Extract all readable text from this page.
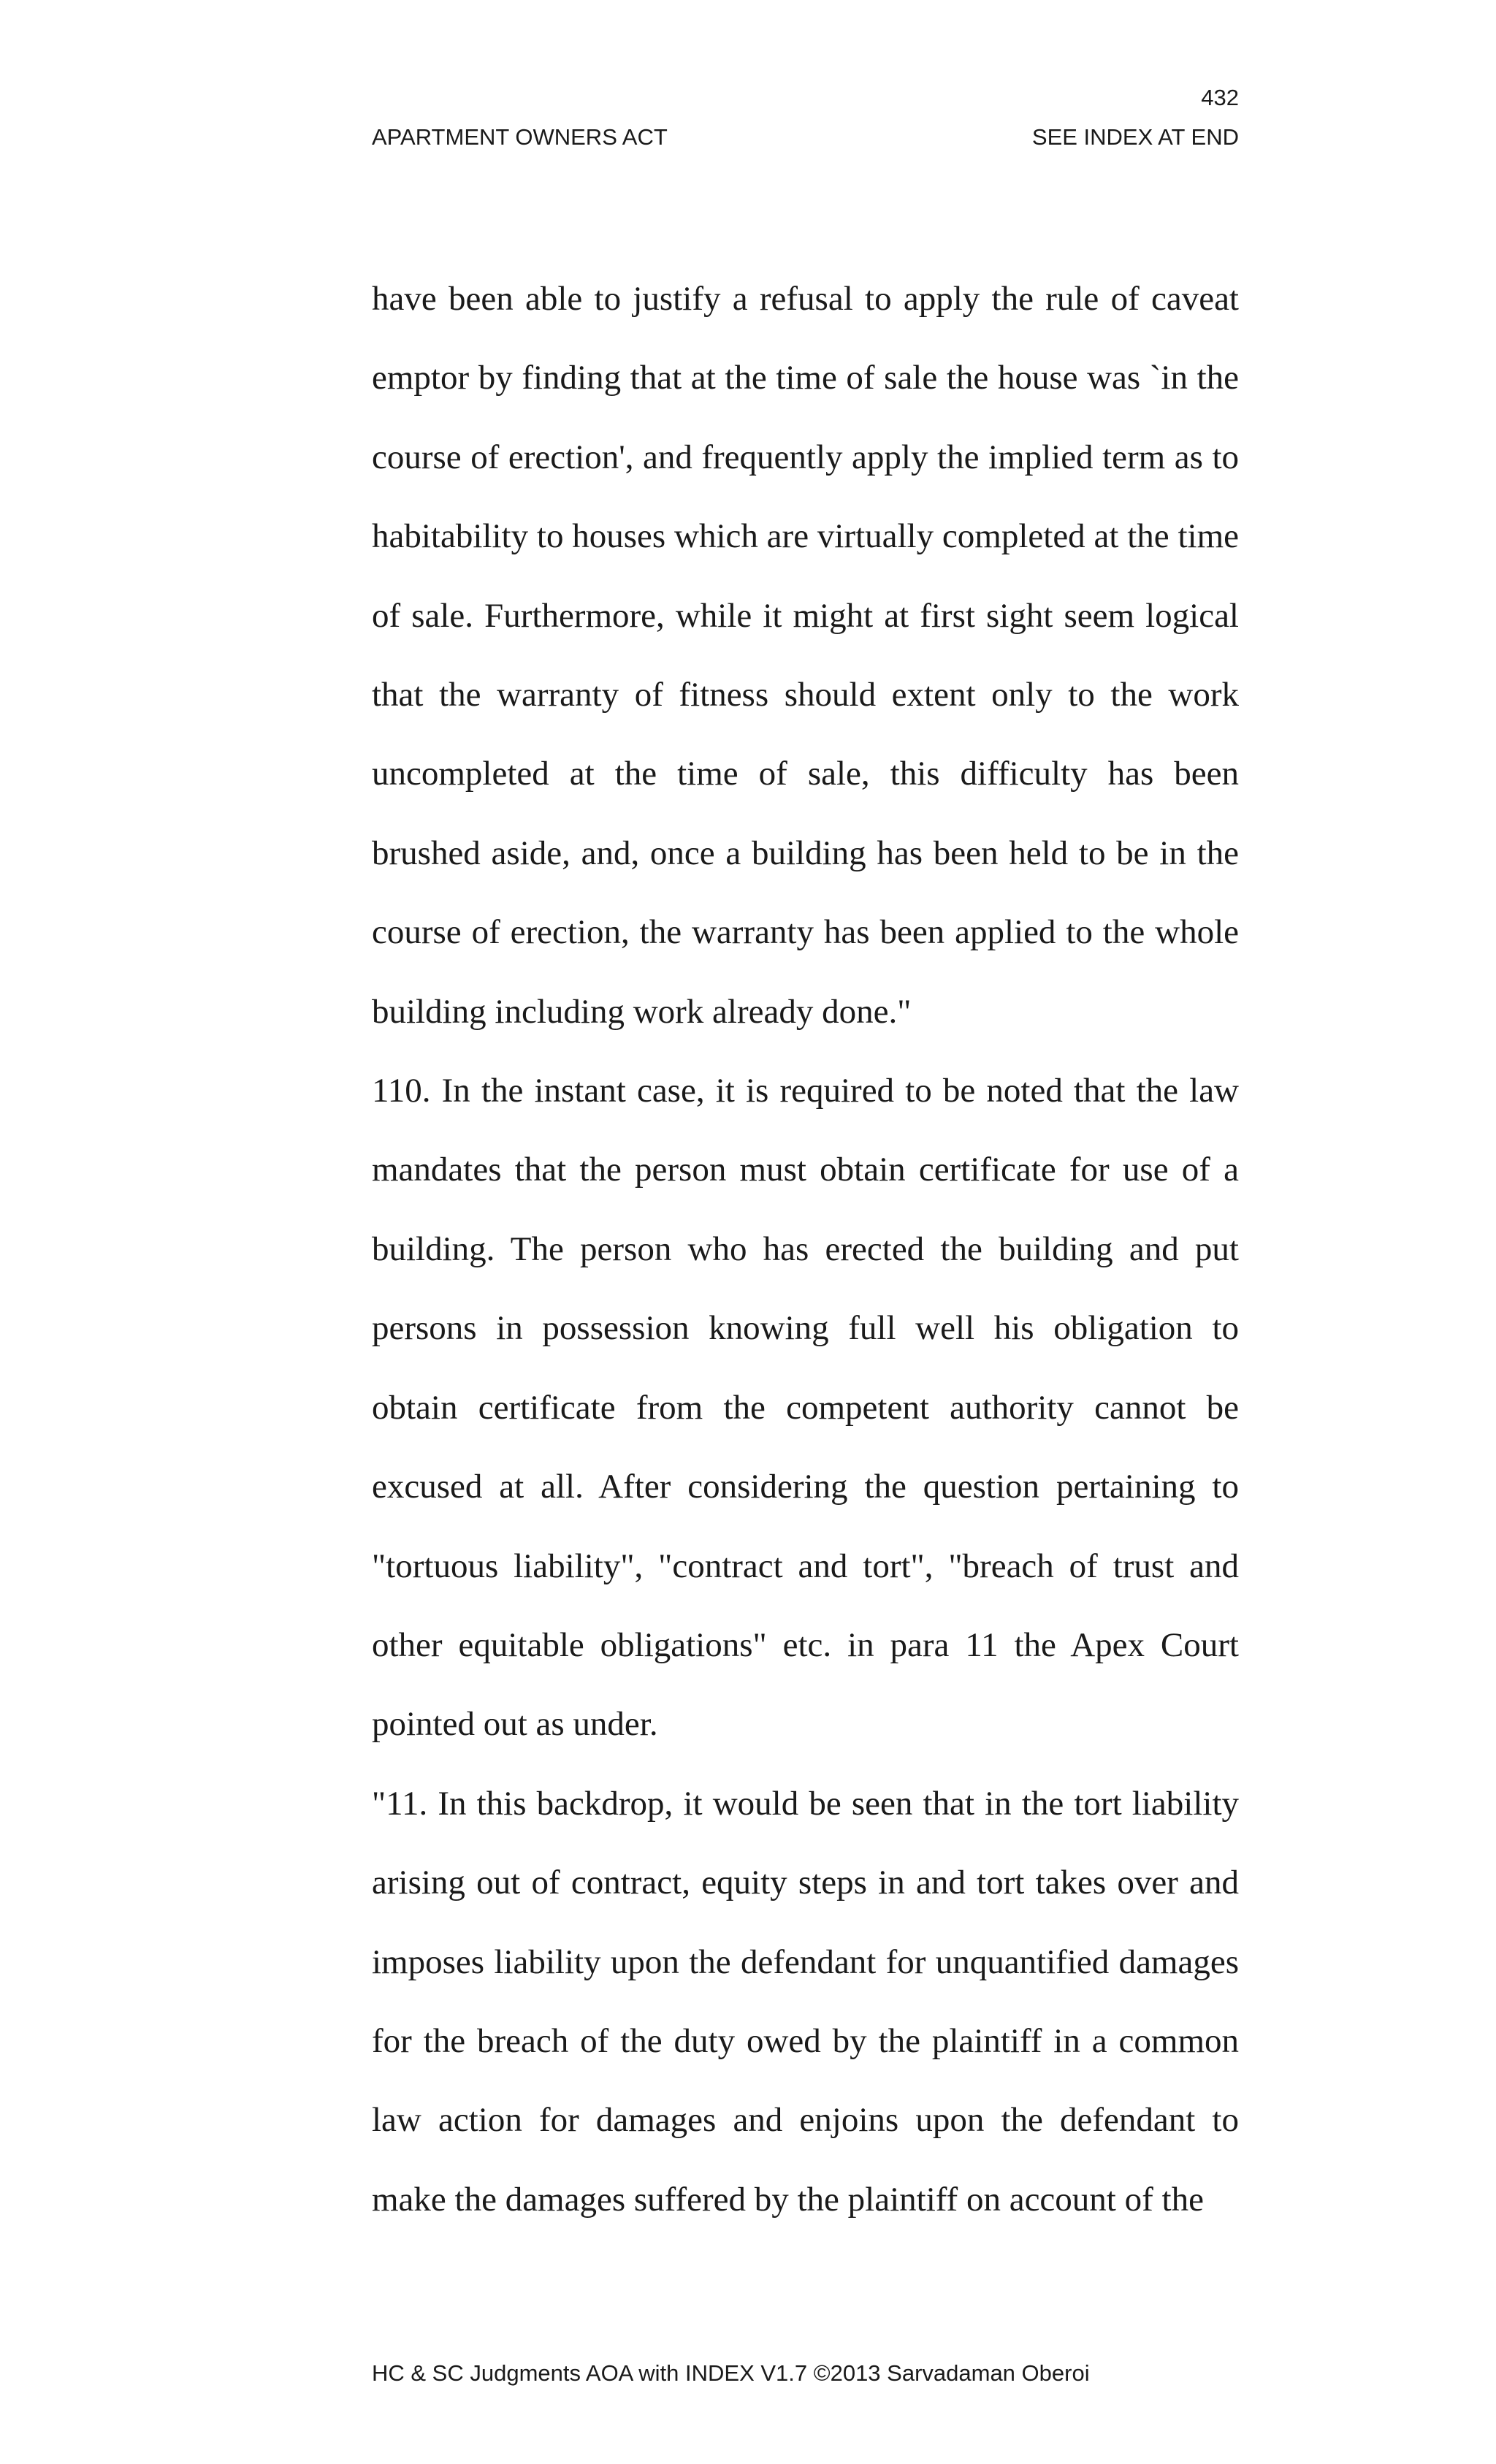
432
APARTMENT OWNERS ACT	SEE INDEX AT END

have been able to justify a refusal to apply the rule of caveat emptor by finding that at the time of sale the house was `in the course of erection', and frequently apply the implied term as to habitability to houses which are virtually completed at the time of sale. Furthermore, while it might at first sight seem logical that the warranty of fitness should extent only to the work uncompleted at the time of sale, this difficulty has been brushed aside, and, once a building has been held to be in the course of erection, the warranty has been applied to the whole building including work already done."

110. In the instant case, it is required to be noted that the law mandates that the person must obtain certificate for use of a building. The person who has erected the building and put persons in possession knowing full well his obligation to obtain certificate from the competent authority cannot be excused at all. After considering the question pertaining to "tortuous liability", "contract and tort", "breach of trust and other equitable obligations" etc. in para 11 the Apex Court pointed out as under.

"11. In this backdrop, it would be seen that in the tort liability arising out of contract, equity steps in and tort takes over and imposes liability upon the defendant for unquantified damages for the breach of the duty owed by the plaintiff in a common law action for damages and enjoins upon the defendant to make the damages suffered by the plaintiff on account of the

HC & SC Judgments AOA with INDEX V1.7 ©2013 Sarvadaman Oberoi
